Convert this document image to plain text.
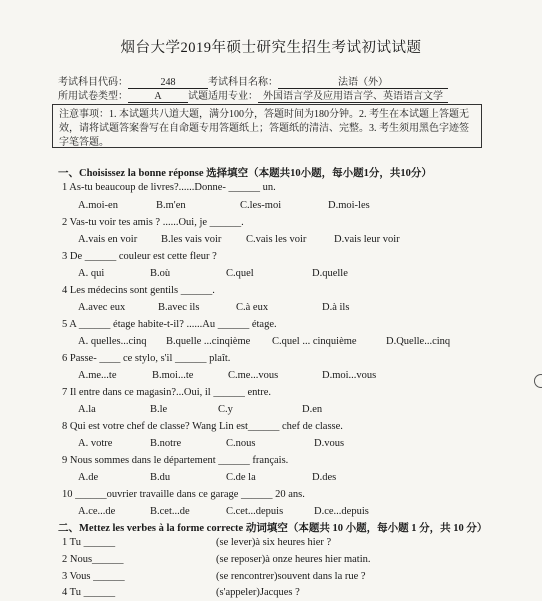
烟台大学2019年硕士研究生招生考试初试试题
考试科目代码：	248	考试科目名称：	法语（外）
所用试卷类型：	A	试题适用专业： 外国语言学及应用语言学、英语语言文学
注意事项：1. 本试题共八道大题，满分100分，答题时间为180分钟。2. 考生在本试题上答题无效，请将试题答案誊写在自命题专用答题纸上；答题纸的清洁、完整。3. 考生须用黑色字迹签字笔答题。
一、Choisissez la bonne réponse 选择填空（本题共10小题，每小题1分，共10分）
1 As-tu beaucoup de livres?......Donne- ______ un.
A.moi-en	B.m'en	C.les-moi	D.moi-les
2 Vas-tu voir tes amis ? ......Oui, je ______.
A.vais en voir B.les vais voir C.vais les voir	D.vais leur voir
3 De ______ couleur est cette fleur ?
A. qui	B.où	C.quel	D.quelle
4 Les médecins sont gentils ______.
A.avec eux	B.avec ils	C.à eux	D.à ils
5 A ______ étage habite-t-il? ......Au ______ étage.
A. quelles...cinq B.quelle ...cinqième C.quel ... cinquième	D.Quelle...cinq
6 Passe- ____ ce stylo, s'il ______ plaît.
A.me...te	B.moi...te	C.me...vous	D.moi...vous
7 Il entre dans ce magasin?...Oui, il ______ entre.
A.la	B.le	C.y	D.en
8 Qui est votre chef de classe? Wang Lin est______ chef de classe.
A. votre	B.notre	C.nous	D.vous
9 Nous sommes dans le département ______ français.
A.de	B.du	C.de la	D.des
10 ______ouvrier travaille dans ce garage ______ 20 ans.
A.ce...de	B.cet...de	C.cet...depuis	D.ce...depuis
二、Mettez les verbes à la forme correcte 动词填空（本题共 10 小题，每小题 1 分，共 10 分）
1 Tu ______	(se lever)à six heures hier ?
2 Nous______	(se reposer)à onze heures hier matin.
3 Vous ______	(se rencontrer)souvent dans la rue ?
4 Tu ______	(s'appeler)Jacques ?
